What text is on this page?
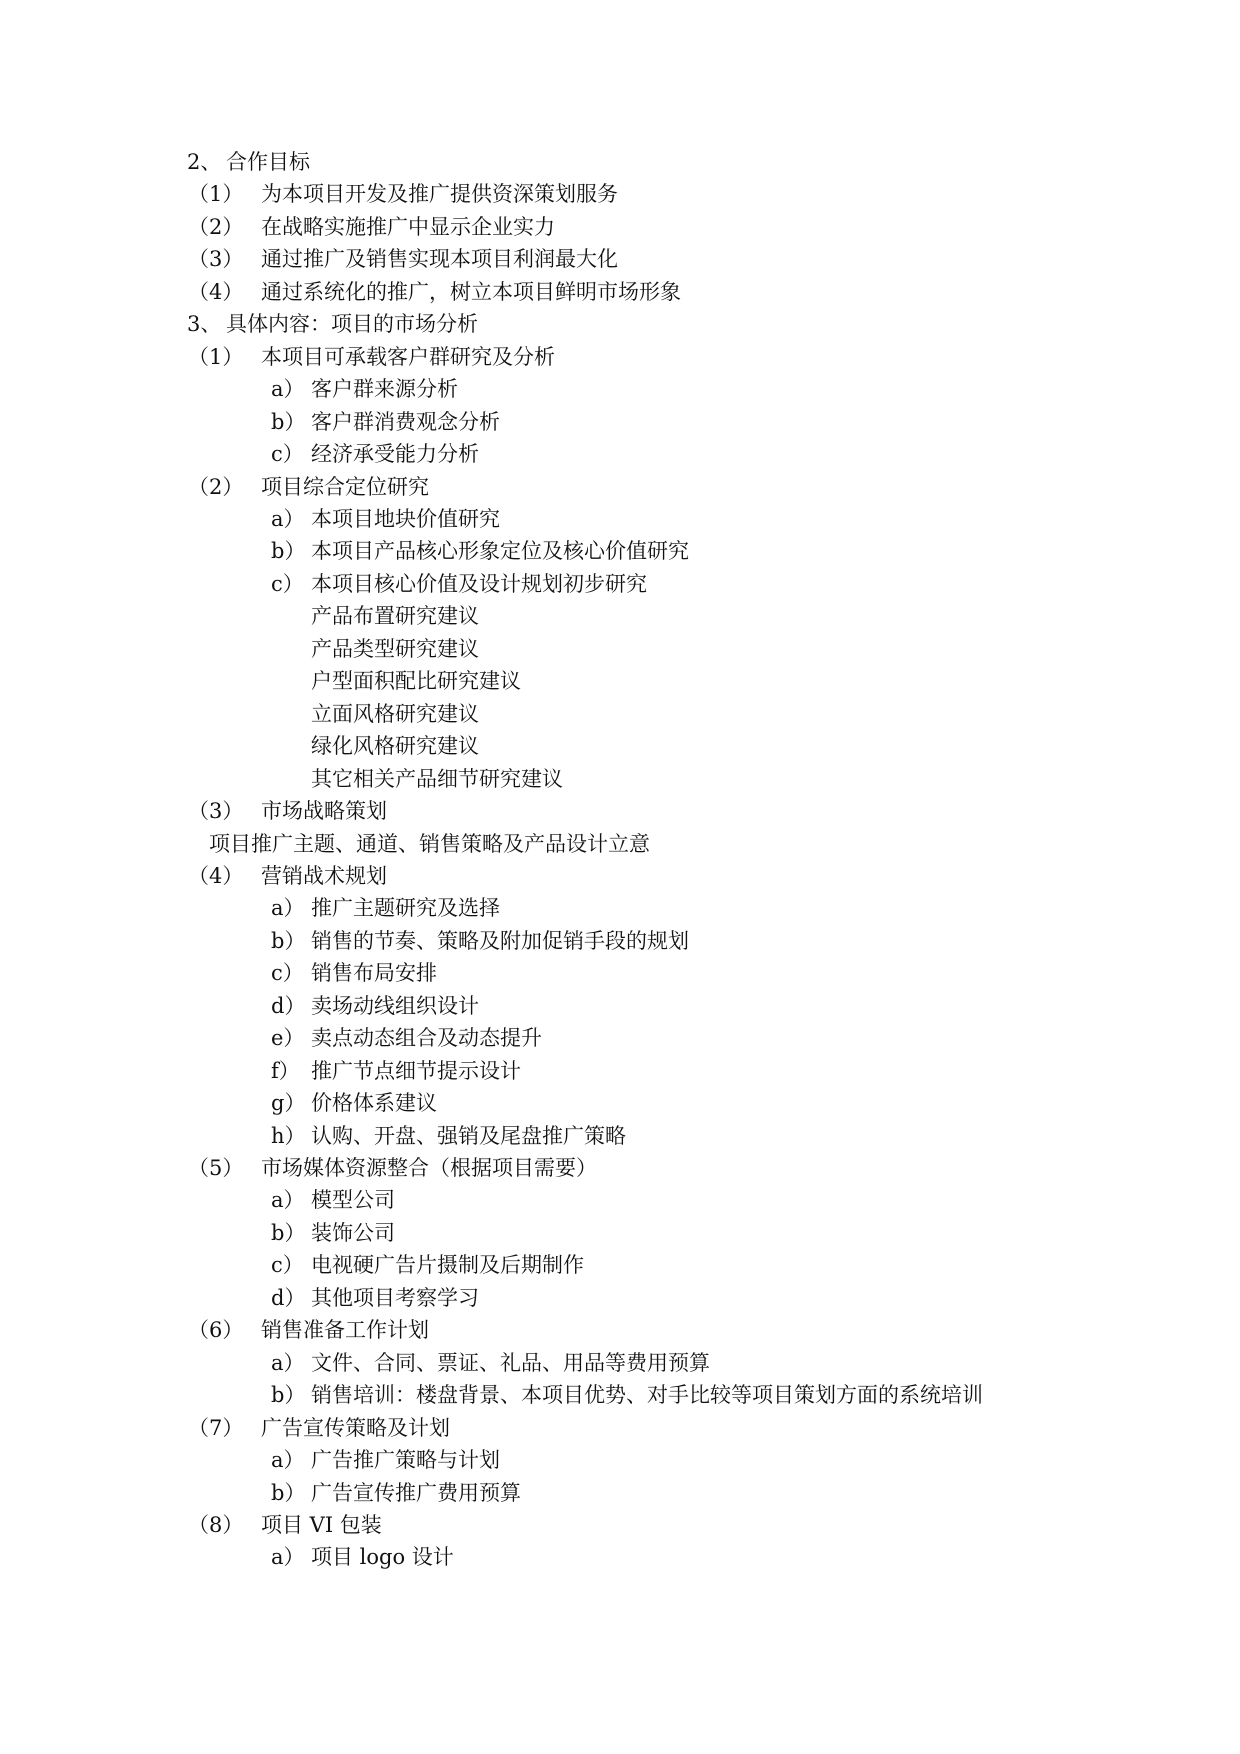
2、 合作目标
（1） 为本项目开发及推广提供资深策划服务
（2） 在战略实施推广中显示企业实力
（3） 通过推广及销售实现本项目利润最大化
（4） 通过系统化的推广，树立本项目鲜明市场形象
3、 具体内容：项目的市场分析
（1） 本项目可承载客户群研究及分析
a） 客户群来源分析
b） 客户群消费观念分析
c） 经济承受能力分析
（2） 项目综合定位研究
a） 本项目地块价值研究
b） 本项目产品核心形象定位及核心价值研究
c） 本项目核心价值及设计规划初步研究
产品布置研究建议
产品类型研究建议
户型面积配比研究建议
立面风格研究建议
绿化风格研究建议
其它相关产品细节研究建议
（3） 市场战略策划
项目推广主题、通道、销售策略及产品设计立意
（4） 营销战术规划
a） 推广主题研究及选择
b） 销售的节奏、策略及附加促销手段的规划
c） 销售布局安排
d） 卖场动线组织设计
e） 卖点动态组合及动态提升
f） 推广节点细节提示设计
g） 价格体系建议
h） 认购、开盘、强销及尾盘推广策略
（5） 市场媒体资源整合（根据项目需要）
a） 模型公司
b） 装饰公司
c） 电视硬广告片摄制及后期制作
d） 其他项目考察学习
（6） 销售准备工作计划
a） 文件、合同、票证、礼品、用品等费用预算
b） 销售培训：楼盘背景、本项目优势、对手比较等项目策划方面的系统培训
（7） 广告宣传策略及计划
a） 广告推广策略与计划
b） 广告宣传推广费用预算
（8） 项目 VI 包装
a） 项目 logo 设计
